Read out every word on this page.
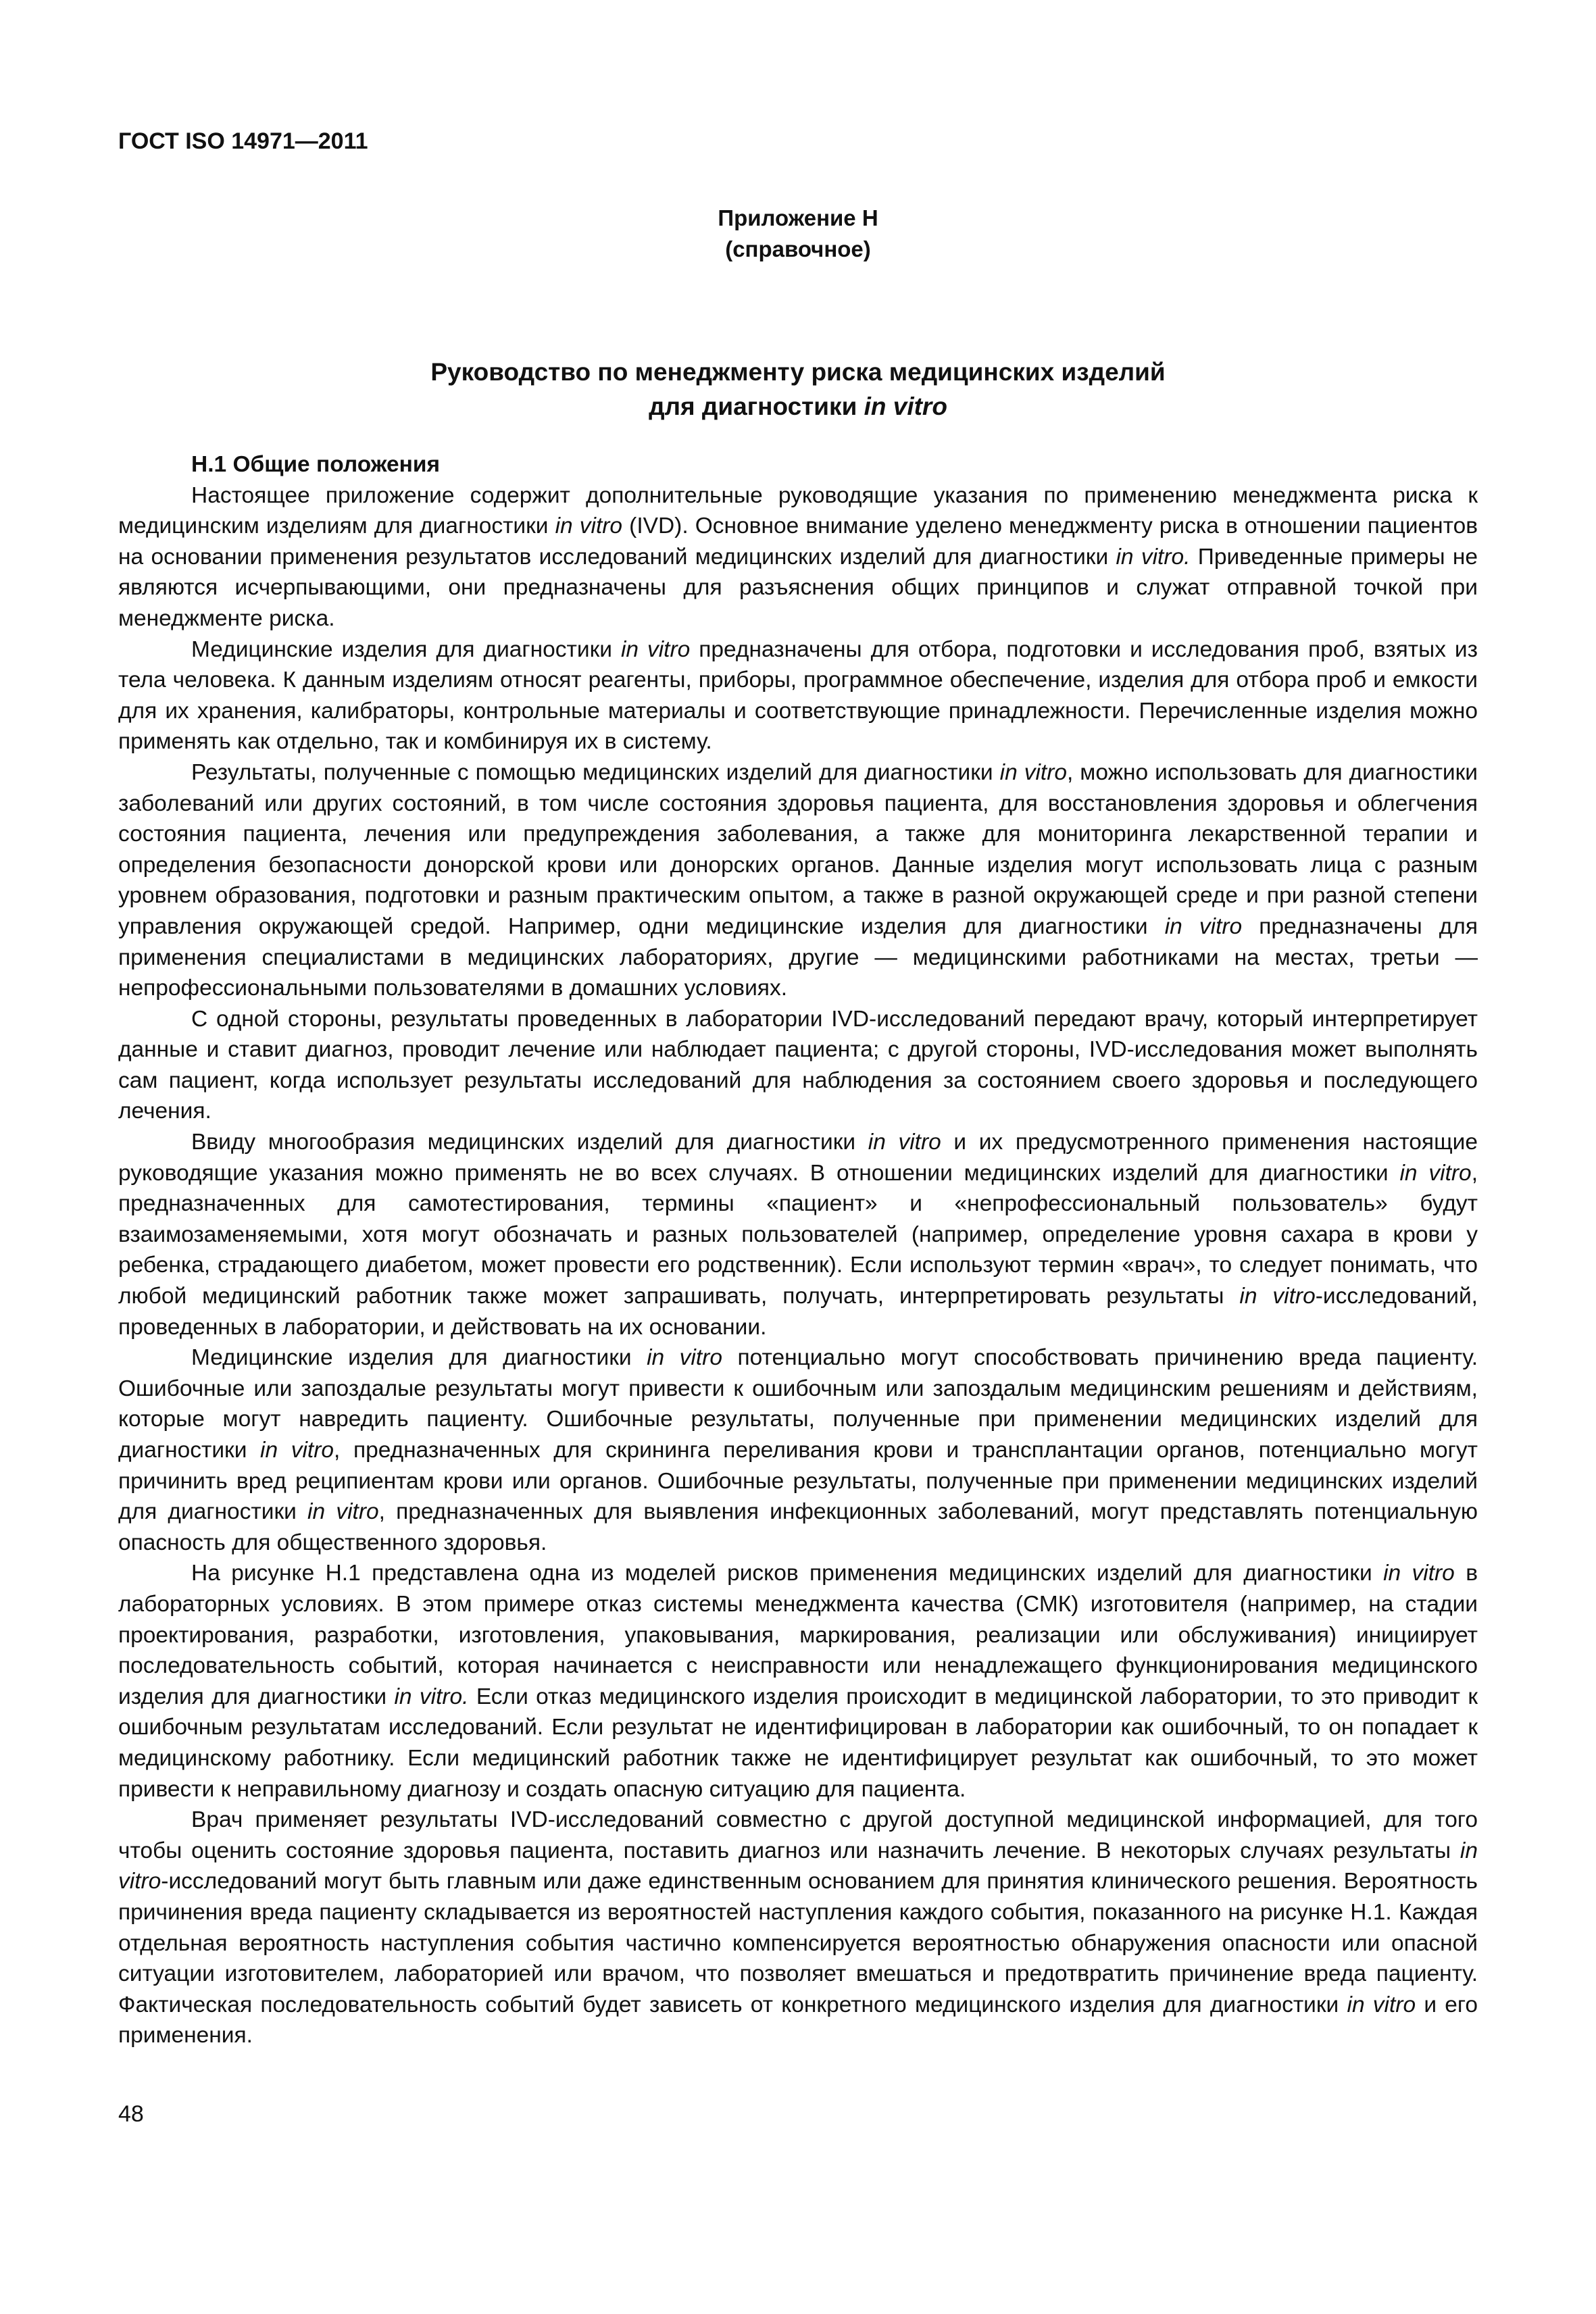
ГОСТ ISO 14971—2011
Приложение Н
(справочное)
Руководство по менеджменту риска медицинских изделий
для диагностики in vitro

Н.1 Общие положения

Настоящее приложение содержит дополнительные руководящие указания по применению менеджмента риска к медицинским изделиям для диагностики in vitro (IVD). Основное внимание уделено менеджменту риска в отношении пациентов на основании применения результатов исследований медицинских изделий для диагностики in vitro. Приведенные примеры не являются исчерпывающими, они предназначены для разъяснения общих принципов и служат отправной точкой при менеджменте риска.

Медицинские изделия для диагностики in vitro предназначены для отбора, подготовки и исследования проб, взятых из тела человека. К данным изделиям относят реагенты, приборы, программное обеспечение, изделия для отбора проб и емкости для их хранения, калибраторы, контрольные материалы и соответствующие принадлежности. Перечисленные изделия можно применять как отдельно, так и комбинируя их в систему.

Результаты, полученные с помощью медицинских изделий для диагностики in vitro, можно использовать для диагностики заболеваний или других состояний, в том числе состояния здоровья пациента, для восстановления здоровья и облегчения состояния пациента, лечения или предупреждения заболевания, а также для мониторинга лекарственной терапии и определения безопасности донорской крови или донорских органов. Данные изделия могут использовать лица с разным уровнем образования, подготовки и разным практическим опытом, а также в разной окружающей среде и при разной степени управления окружающей средой. Например, одни медицинские изделия для диагностики in vitro предназначены для применения специалистами в медицинских лабораториях, другие — медицинскими работниками на местах, третьи — непрофессиональными пользователями в домашних условиях.

С одной стороны, результаты проведенных в лаборатории IVD-исследований передают врачу, который интерпретирует данные и ставит диагноз, проводит лечение или наблюдает пациента; с другой стороны, IVD-исследования может выполнять сам пациент, когда использует результаты исследований для наблюдения за состоянием своего здоровья и последующего лечения.

Ввиду многообразия медицинских изделий для диагностики in vitro и их предусмотренного применения настоящие руководящие указания можно применять не во всех случаях. В отношении медицинских изделий для диагностики in vitro, предназначенных для самотестирования, термины «пациент» и «непрофессиональный пользователь» будут взаимозаменяемыми, хотя могут обозначать и разных пользователей (например, определение уровня сахара в крови у ребенка, страдающего диабетом, может провести его родственник). Если используют термин «врач», то следует понимать, что любой медицинский работник также может запрашивать, получать, интерпретировать результаты in vitro-исследований, проведенных в лаборатории, и действовать на их основании.

Медицинские изделия для диагностики in vitro потенциально могут способствовать причинению вреда пациенту. Ошибочные или запоздалые результаты могут привести к ошибочным или запоздалым медицинским решениям и действиям, которые могут навредить пациенту. Ошибочные результаты, полученные при применении медицинских изделий для диагностики in vitro, предназначенных для скрининга переливания крови и трансплантации органов, потенциально могут причинить вред реципиентам крови или органов. Ошибочные результаты, полученные при применении медицинских изделий для диагностики in vitro, предназначенных для выявления инфекционных заболеваний, могут представлять потенциальную опасность для общественного здоровья.

На рисунке Н.1 представлена одна из моделей рисков применения медицинских изделий для диагностики in vitro в лабораторных условиях. В этом примере отказ системы менеджмента качества (СМК) изготовителя (например, на стадии проектирования, разработки, изготовления, упаковывания, маркирования, реализации или обслуживания) инициирует последовательность событий, которая начинается с неисправности или ненадлежащего функционирования медицинского изделия для диагностики in vitro. Если отказ медицинского изделия происходит в медицинской лаборатории, то это приводит к ошибочным результатам исследований. Если результат не идентифицирован в лаборатории как ошибочный, то он попадает к медицинскому работнику. Если медицинский работник также не идентифицирует результат как ошибочный, то это может привести к неправильному диагнозу и создать опасную ситуацию для пациента.

Врач применяет результаты IVD-исследований совместно с другой доступной медицинской информацией, для того чтобы оценить состояние здоровья пациента, поставить диагноз или назначить лечение. В некоторых случаях результаты in vitro-исследований могут быть главным или даже единственным основанием для принятия клинического решения. Вероятность причинения вреда пациенту складывается из вероятностей наступления каждого события, показанного на рисунке Н.1. Каждая отдельная вероятность наступления события частично компенсируется вероятностью обнаружения опасности или опасной ситуации изготовителем, лабораторией или врачом, что позволяет вмешаться и предотвратить причинение вреда пациенту. Фактическая последовательность событий будет зависеть от конкретного медицинского изделия для диагностики in vitro и его применения.

48
